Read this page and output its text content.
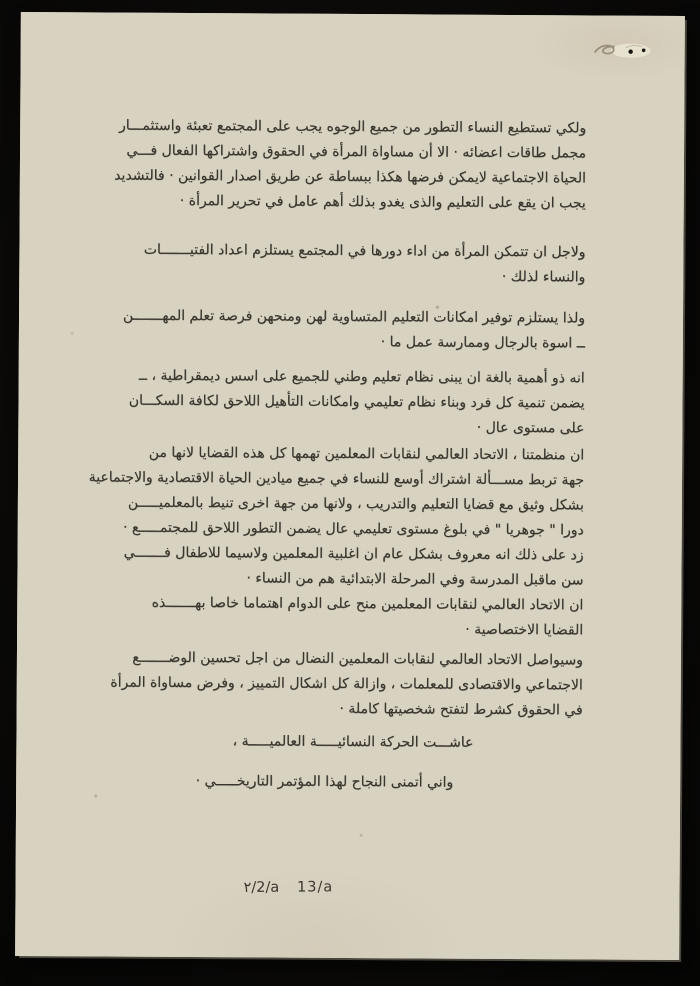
ولكي تستطيع النساء التطور من جميع الوجوه يجب على المجتمع تعبئة واستثمـــار
مجمل طاقات اعضائه · الا أن مساواة المرأة في الحقوق واشتراكها الفعال فـــي
الحياة الاجتماعية لايمكن فرضها هكذا ببساطة عن طريق اصدار القوانين · فالتشديد
يجب ان يقع على التعليم والذى يغدو بذلك أهم عامل في تحرير المرأة ·
ولاجل ان تتمكن المرأة من اداء دورها في المجتمع يستلزم اعداد الفتيـــــــات
والنساء لذلك ·
ولذا يستلزم توفير امكانات التعليم المتساوية لهن ومنحهن فرصة تعلم المهـــــــن
ــ اسوة بالرجال وممارسة عمل ما ·
انه ذو أهمية بالغة ان يبنى نظام تعليم وطني للجميع على اسس ديمقراطية ، ــ
يضمن تنمية كل فرد وبناء نظام تعليمي وامكانات التأهيل اللاحق لكافة السكـــان
على مستوى عال ·
ان منظمتنا ، الاتحاد العالمي لنقابات المعلمين تهمها كل هذه القضايا لانها من
جهة تربط مســـألة اشتراك أوسع للنساء في جميع ميادين الحياة الاقتصادية والاجتماعية
بشكل وثيق مع قضايا التعليم والتدريب ، ولانها من جهة اخرى تنيط بالمعلميـــــن
دورا " جوهريا " في بلوغ مستوى تعليمي عال يضمن التطور اللاحق للمجتمـــــع ·
زد على ذلك انه معروف بشكل عام ان اغلبية المعلمين ولاسيما للاطفال فـــــــي
سن ماقبل المدرسة وفي المرحلة الابتدائية هم من النساء ·
ان الاتحاد العالمي لنقابات المعلمين منح على الدوام اهتماما خاصا بهـــــــذه
القضايا الاختصاصية ·
وسيواصل الاتحاد العالمي لنقابات المعلمين النضال من اجل تحسين الوضـــــــع
الاجتماعي والاقتصادى للمعلمات ، وازالة كل اشكال التمييز ، وفرض مساواة المرأة
في الحقوق كشرط لتفتح شخصيتها كاملة ·
عاشـــت الحركة النسائيـــــة العالميـــــة ،
واني أتمنى النجاح لهذا المؤتمر التاريخـــــي ·
٢/2/a   13/a
